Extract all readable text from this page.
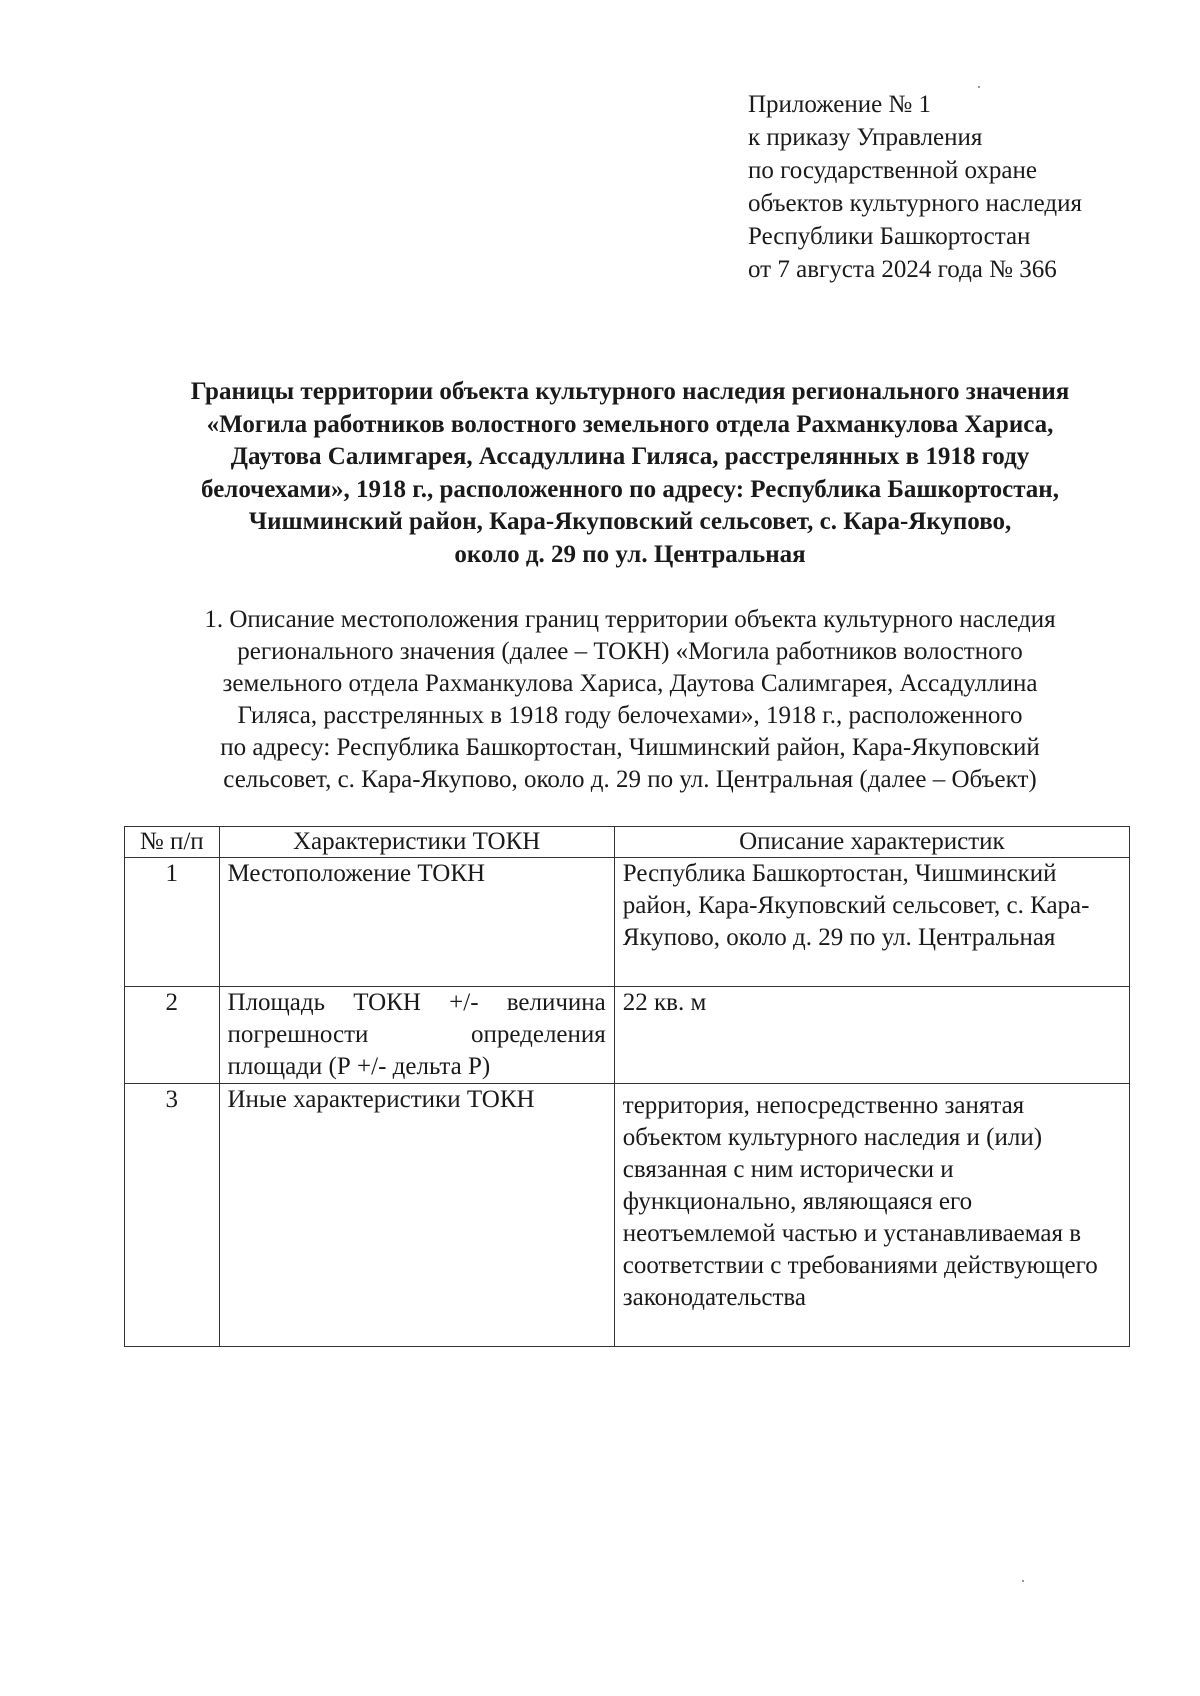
Приложение № 1
к приказу Управления
по государственной охране
объектов культурного наследия
Республики Башкортостан
от 7 августа 2024 года № 366
Границы территории объекта культурного наследия регионального значения
«Могила работников волостного земельного отдела Рахманкулова Хариса,
Даутова Салимгарея, Ассадуллина Гиляса, расстрелянных в 1918 году
белочехами», 1918 г., расположенного по адресу: Республика Башкортостан,
Чишминский район, Кара-Якуповский сельсовет, с. Кара-Якупово,
около д. 29 по ул. Центральная
1. Описание местоположения границ территории объекта культурного наследия
регионального значения (далее – ТОКН) «Могила работников волостного
земельного отдела Рахманкулова Хариса, Даутова Салимгарея, Ассадуллина
Гиляса, расстрелянных в 1918 году белочехами», 1918 г., расположенного
по адресу: Республика Башкортостан, Чишминский район, Кара-Якуповский
сельсовет, с. Кара-Якупово, около д. 29 по ул. Центральная (далее – Объект)
№ п/п	Характеристики ТОКН	Описание характеристик
1	Местоположение ТОКН	Республика Башкортостан, Чишминский район, Кара-Якуповский сельсовет, с. Кара-Якупово, около д. 29 по ул. Центральная
2	Площадь ТОКН +/- величина погрешности определения площади (Р +/- дельта Р)	22 кв. м
3	Иные характеристики ТОКН	территория, непосредственно занятая объектом культурного наследия и (или) связанная с ним исторически и функционально, являющаяся его неотъемлемой частью и устанавливаемая в соответствии с требованиями действующего законодательства
